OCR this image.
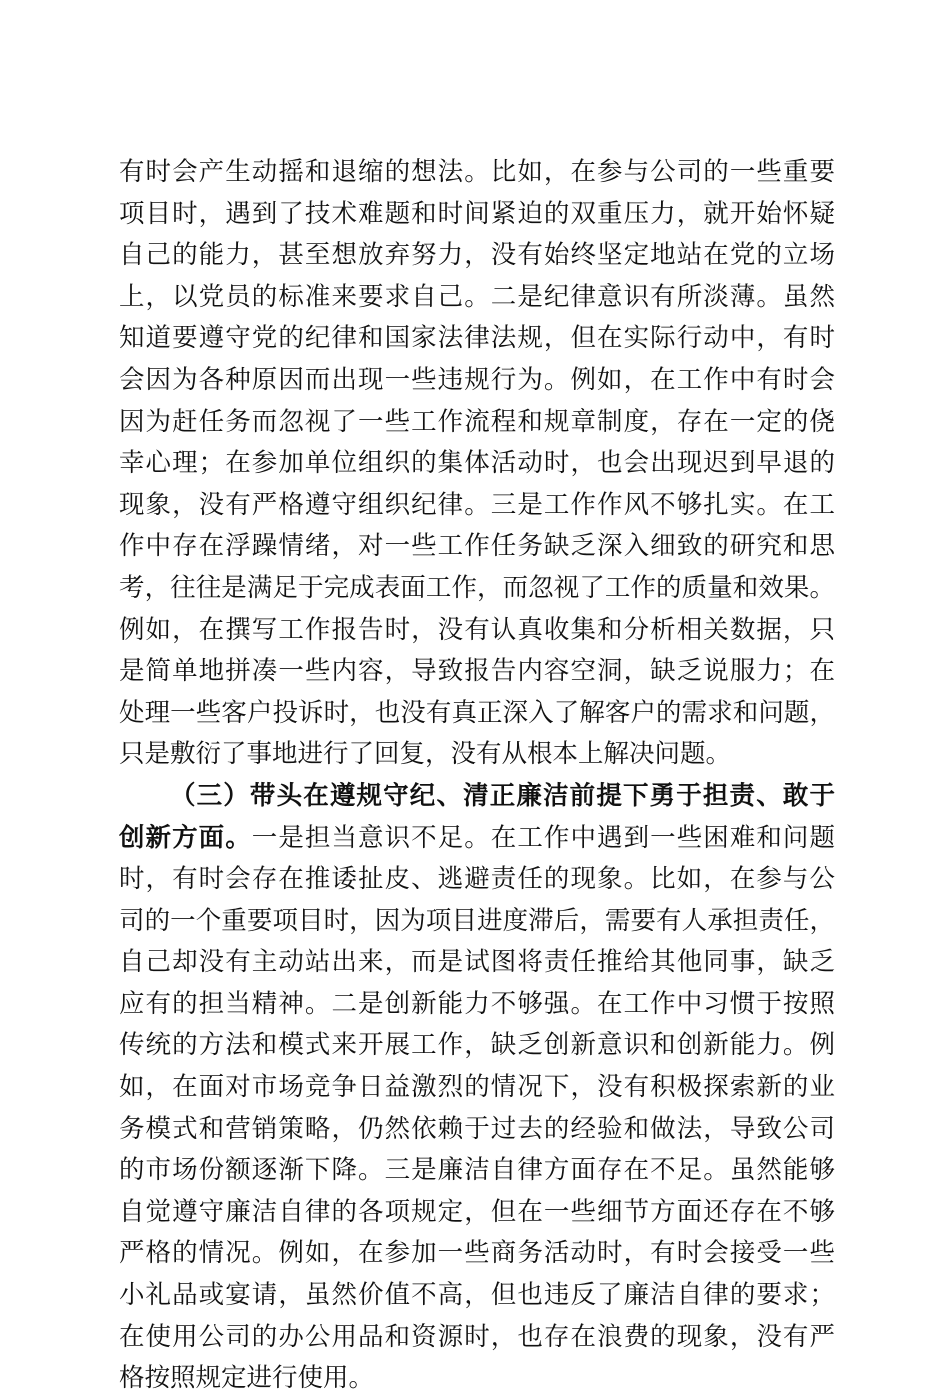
有时会产生动摇和退缩的想法。比如，在参与公司的一些重要
项目时，遇到了技术难题和时间紧迫的双重压力，就开始怀疑
自己的能力，甚至想放弃努力，没有始终坚定地站在党的立场
上，以党员的标准来要求自己。二是纪律意识有所淡薄。虽然
知道要遵守党的纪律和国家法律法规，但在实际行动中，有时
会因为各种原因而出现一些违规行为。例如，在工作中有时会
因为赶任务而忽视了一些工作流程和规章制度，存在一定的侥
幸心理；在参加单位组织的集体活动时，也会出现迟到早退的
现象，没有严格遵守组织纪律。三是工作作风不够扎实。在工
作中存在浮躁情绪，对一些工作任务缺乏深入细致的研究和思
考，往往是满足于完成表面工作，而忽视了工作的质量和效果。
例如，在撰写工作报告时，没有认真收集和分析相关数据，只
是简单地拼凑一些内容，导致报告内容空洞，缺乏说服力；在
处理一些客户投诉时，也没有真正深入了解客户的需求和问题，
只是敷衍了事地进行了回复，没有从根本上解决问题。
（三）带头在遵规守纪、清正廉洁前提下勇于担责、敢于
创新方面。一是担当意识不足。在工作中遇到一些困难和问题
时，有时会存在推诿扯皮、逃避责任的现象。比如，在参与公
司的一个重要项目时，因为项目进度滞后，需要有人承担责任，
自己却没有主动站出来，而是试图将责任推给其他同事，缺乏
应有的担当精神。二是创新能力不够强。在工作中习惯于按照
传统的方法和模式来开展工作，缺乏创新意识和创新能力。例
如，在面对市场竞争日益激烈的情况下，没有积极探索新的业
务模式和营销策略，仍然依赖于过去的经验和做法，导致公司
的市场份额逐渐下降。三是廉洁自律方面存在不足。虽然能够
自觉遵守廉洁自律的各项规定，但在一些细节方面还存在不够
严格的情况。例如，在参加一些商务活动时，有时会接受一些
小礼品或宴请，虽然价值不高，但也违反了廉洁自律的要求；
在使用公司的办公用品和资源时，也存在浪费的现象，没有严
格按照规定进行使用。
